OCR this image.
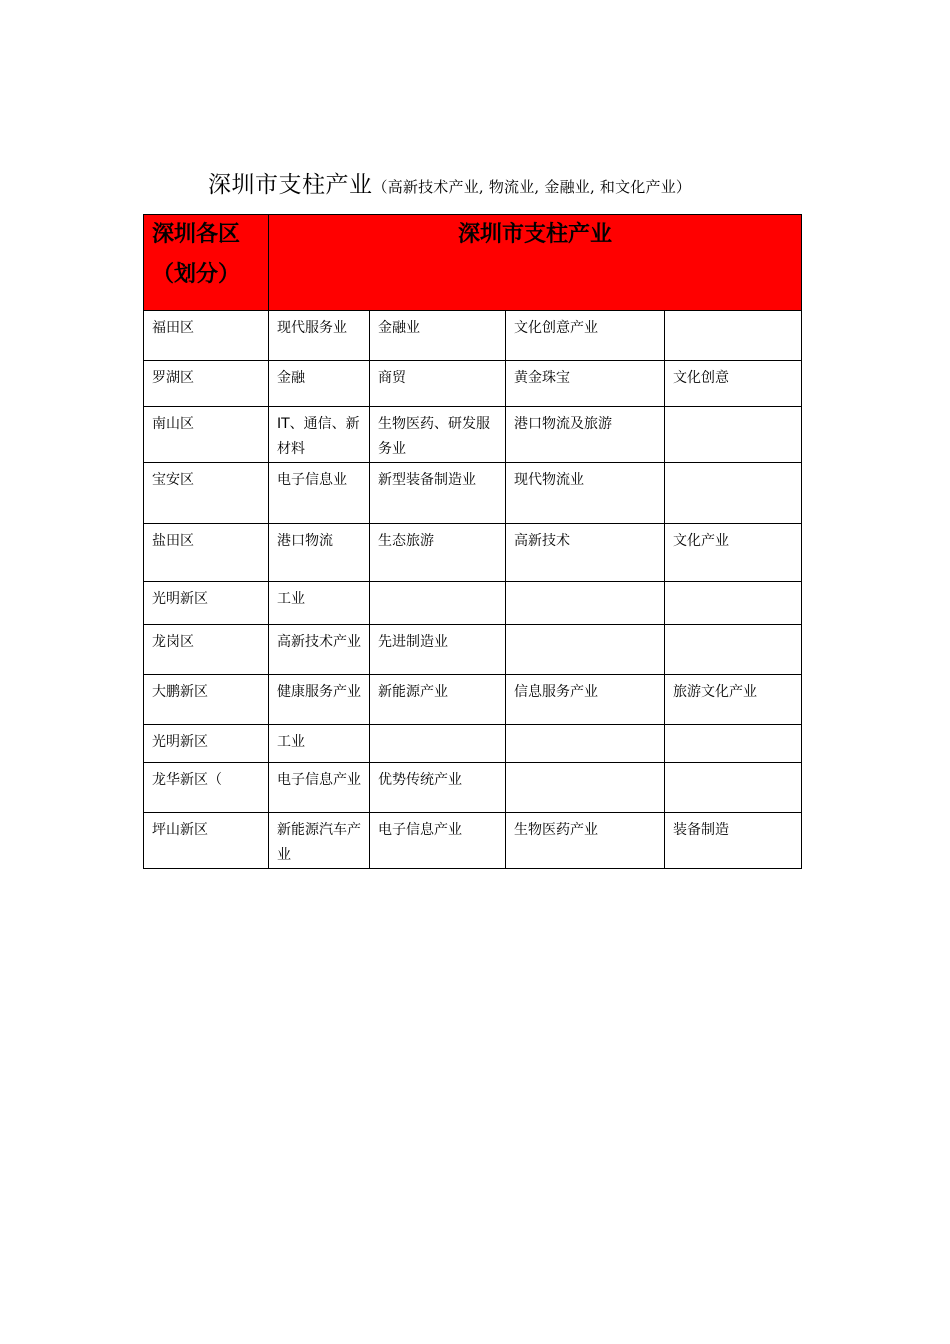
深圳市支柱产业（高新技术产业, 物流业, 金融业, 和文化产业）
深圳各区（划分）	深圳市支柱产业			
福田区	现代服务业	金融业	文化创意产业	
罗湖区	金融	商贸	黄金珠宝	文化创意
南山区	IT、通信、新材料	生物医药、研发服务业	港口物流及旅游	
宝安区	电子信息业	新型装备制造业	现代物流业	
盐田区	港口物流	生态旅游	高新技术	文化产业
光明新区	工业			
龙岗区	高新技术产业	先进制造业		
大鹏新区	健康服务产业	新能源产业	信息服务产业	旅游文化产业
光明新区	工业			
龙华新区（	电子信息产业	优势传统产业		
坪山新区	新能源汽车产业	电子信息产业	生物医药产业	装备制造
